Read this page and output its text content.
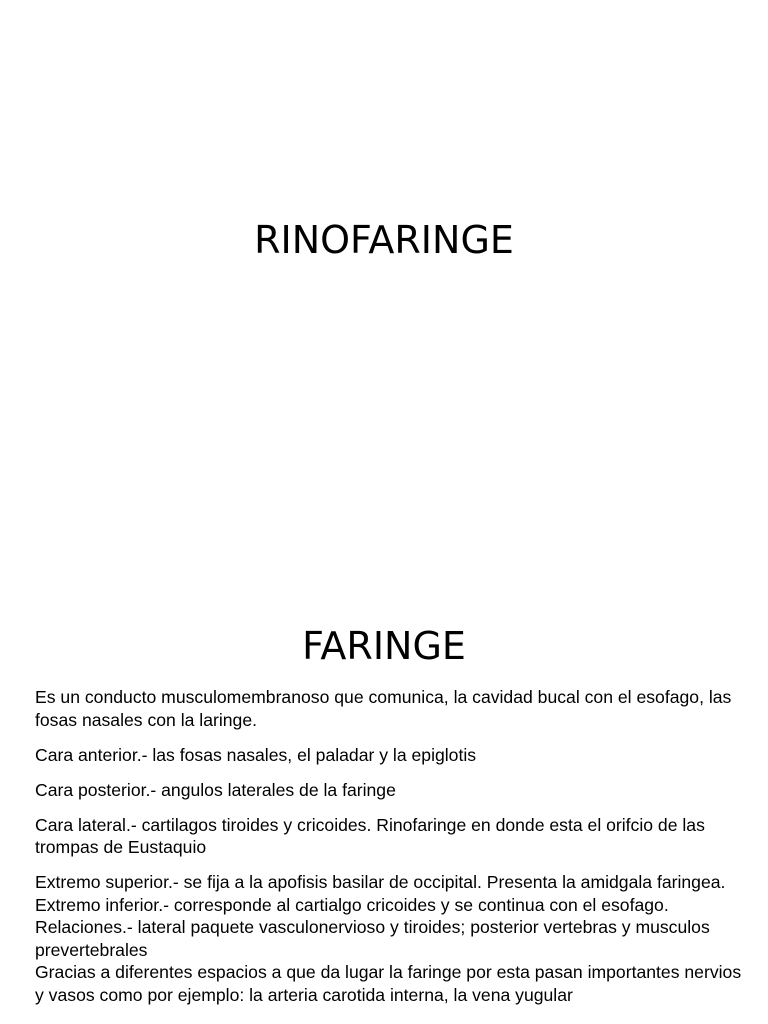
RINOFARINGE
FARINGE

Es un conducto musculomembranoso que comunica, la cavidad bucal con el esofago, las fosas nasales con la laringe.

Cara anterior.- las fosas nasales, el paladar y la epiglotis

Cara posterior.- angulos laterales de la faringe

Cara lateral.- cartilagos tiroides y cricoides. Rinofaringe en donde esta el orifcio de las trompas de Eustaquio

Extremo superior.- se fija a la apofisis basilar de occipital. Presenta la amidgala faringea.

Extremo inferior.- corresponde al cartialgo cricoides y se continua con el esofago.

Relaciones.- lateral paquete vasculonervioso y tiroides; posterior vertebras y musculos prevertebrales

Gracias a diferentes espacios a que da lugar la faringe por esta pasan importantes nervios y vasos como por ejemplo: la arteria carotida interna, la vena yugular
